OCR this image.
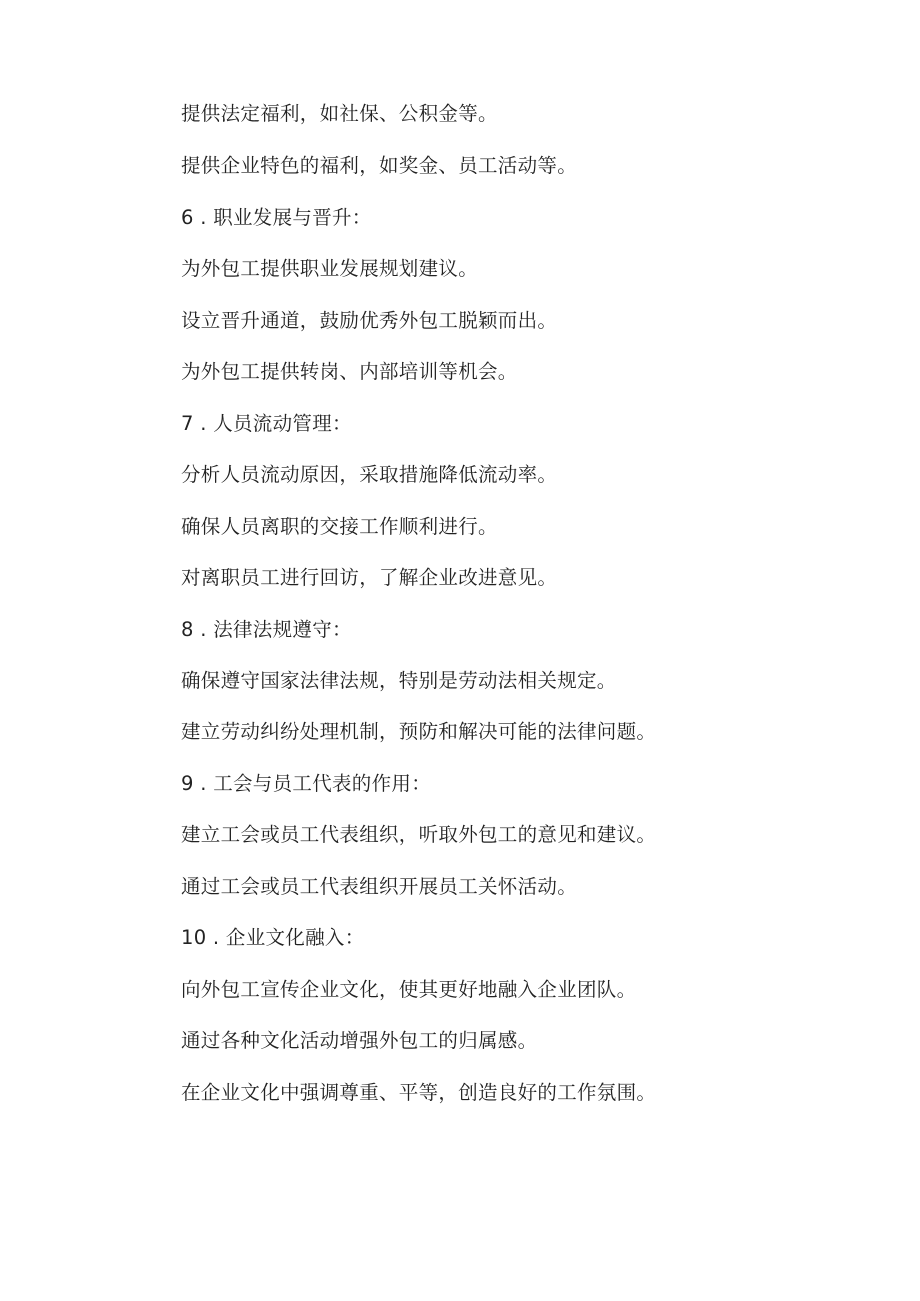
提供法定福利，如社保、公积金等。
提供企业特色的福利，如奖金、员工活动等。
6 . 职业发展与晋升：
为外包工提供职业发展规划建议。
设立晋升通道，鼓励优秀外包工脱颖而出。
为外包工提供转岗、内部培训等机会。
7 . 人员流动管理：
分析人员流动原因，采取措施降低流动率。
确保人员离职的交接工作顺利进行。
对离职员工进行回访，了解企业改进意见。
8 . 法律法规遵守：
确保遵守国家法律法规，特别是劳动法相关规定。
建立劳动纠纷处理机制，预防和解决可能的法律问题。
9 . 工会与员工代表的作用：
建立工会或员工代表组织，听取外包工的意见和建议。
通过工会或员工代表组织开展员工关怀活动。
10 . 企业文化融入：
向外包工宣传企业文化，使其更好地融入企业团队。
通过各种文化活动增强外包工的归属感。
在企业文化中强调尊重、平等，创造良好的工作氛围。
